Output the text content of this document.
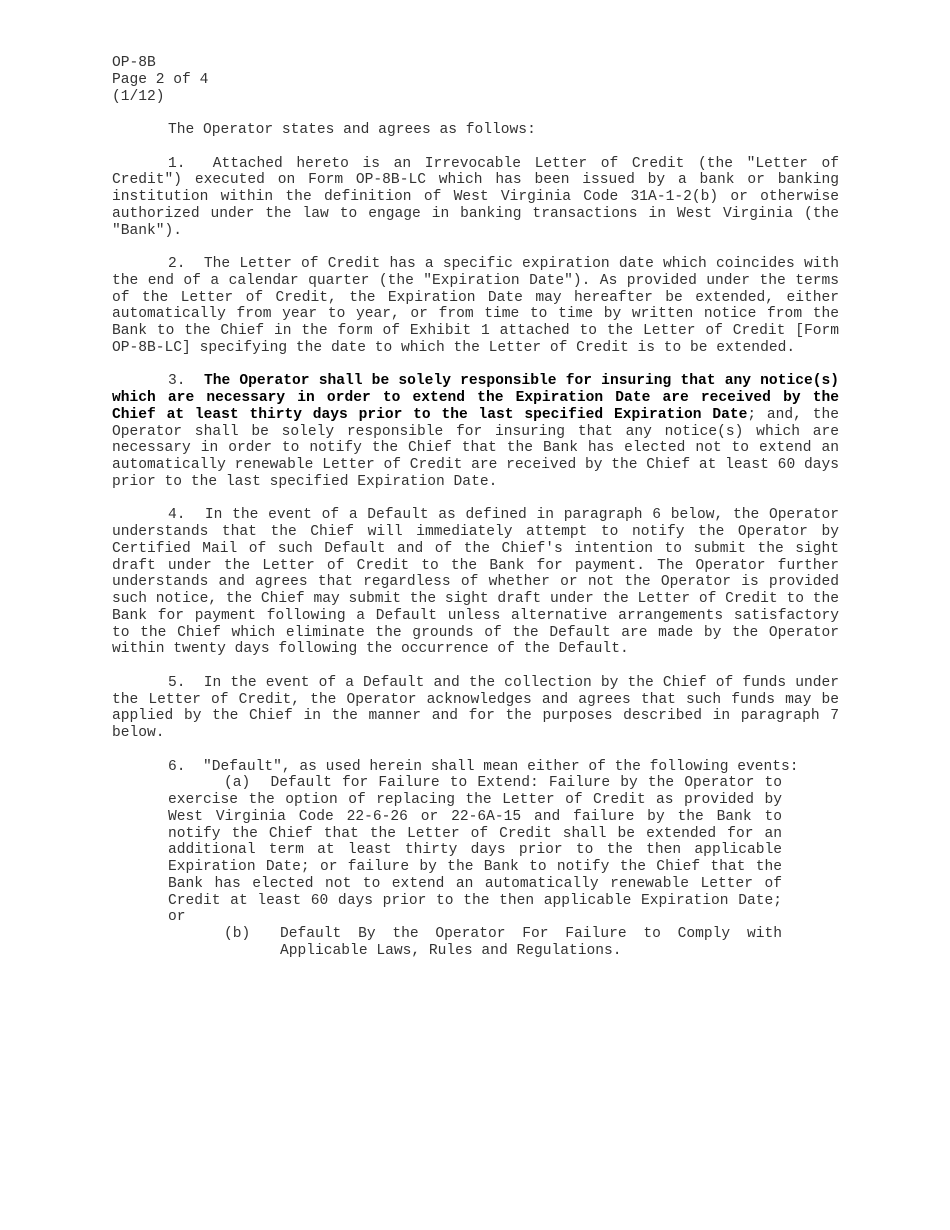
OP-8B
Page 2 of 4
(1/12)
The Operator states and agrees as follows:
1. Attached hereto is an Irrevocable Letter of Credit (the "Letter of Credit") executed on Form OP-8B-LC which has been issued by a bank or banking institution within the definition of West Virginia Code 31A-1-2(b) or otherwise authorized under the law to engage in banking transactions in West Virginia (the "Bank").
2. The Letter of Credit has a specific expiration date which coincides with the end of a calendar quarter (the "Expiration Date"). As provided under the terms of the Letter of Credit, the Expiration Date may hereafter be extended, either automatically from year to year, or from time to time by written notice from the Bank to the Chief in the form of Exhibit 1 attached to the Letter of Credit [Form OP-8B-LC] specifying the date to which the Letter of Credit is to be extended.
3. The Operator shall be solely responsible for insuring that any notice(s) which are necessary in order to extend the Expiration Date are received by the Chief at least thirty days prior to the last specified Expiration Date; and, the Operator shall be solely responsible for insuring that any notice(s) which are necessary in order to notify the Chief that the Bank has elected not to extend an automatically renewable Letter of Credit are received by the Chief at least 60 days prior to the last specified Expiration Date.
4. In the event of a Default as defined in paragraph 6 below, the Operator understands that the Chief will immediately attempt to notify the Operator by Certified Mail of such Default and of the Chief's intention to submit the sight draft under the Letter of Credit to the Bank for payment. The Operator further understands and agrees that regardless of whether or not the Operator is provided such notice, the Chief may submit the sight draft under the Letter of Credit to the Bank for payment following a Default unless alternative arrangements satisfactory to the Chief which eliminate the grounds of the Default are made by the Operator within twenty days following the occurrence of the Default.
5. In the event of a Default and the collection by the Chief of funds under the Letter of Credit, the Operator acknowledges and agrees that such funds may be applied by the Chief in the manner and for the purposes described in paragraph 7 below.
6. "Default", as used herein shall mean either of the following events:
(a) Default for Failure to Extend: Failure by the Operator to exercise the option of replacing the Letter of Credit as provided by West Virginia Code 22-6-26 or 22-6A-15 and failure by the Bank to notify the Chief that the Letter of Credit shall be extended for an additional term at least thirty days prior to the then applicable Expiration Date; or failure by the Bank to notify the Chief that the Bank has elected not to extend an automatically renewable Letter of Credit at least 60 days prior to the then applicable Expiration Date; or
(b) Default By the Operator For Failure to Comply with Applicable Laws, Rules and Regulations.
